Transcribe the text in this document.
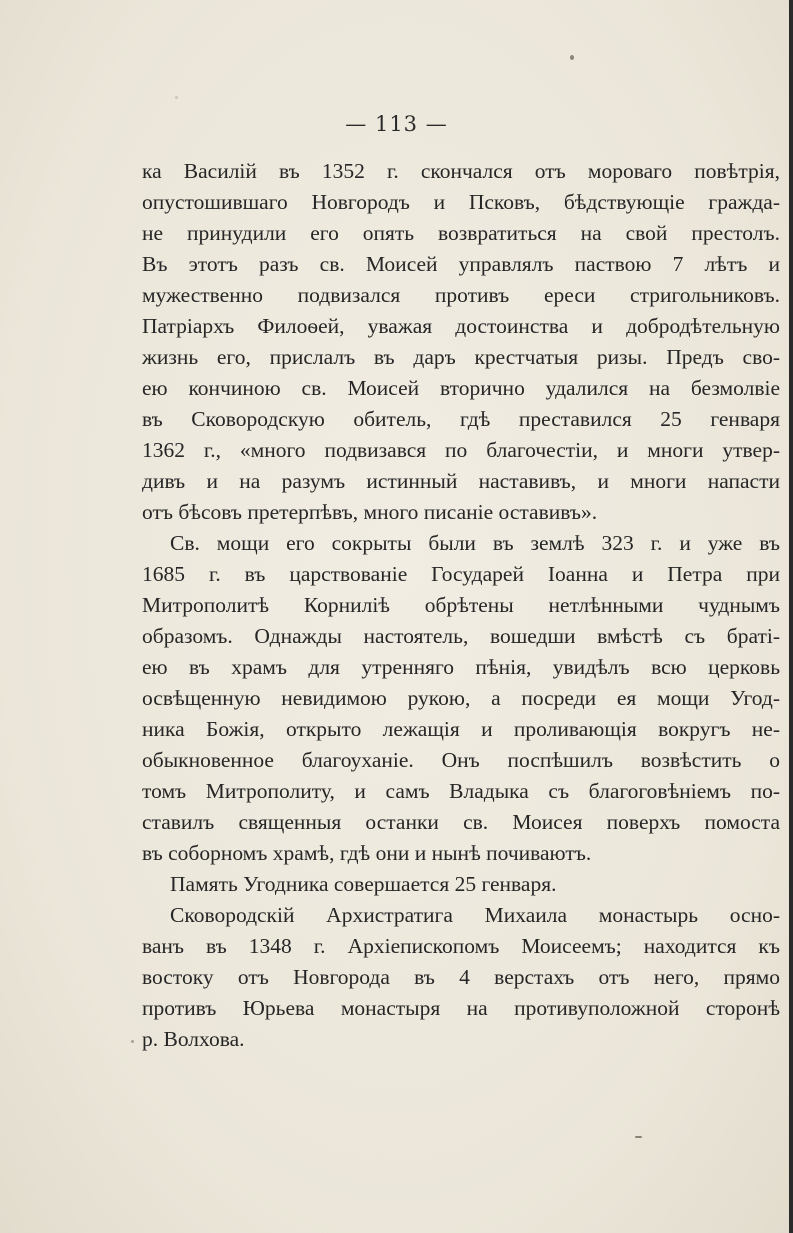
— 113 —
ка Василій въ 1352 г. скончался отъ мороваго повѣтрія,
опустошившаго Новгородъ и Псковъ, бѣдствующіе гражда-
не принудили его опять возвратиться на свой престолъ.
Въ этотъ разъ св. Моисей управлялъ паствою 7 лѣтъ и
мужественно подвизался противъ ереси стригольниковъ.
Патріархъ Филоѳей, уважая достоинства и добродѣтельную
жизнь его, прислалъ въ даръ крестчатыя ризы. Предъ сво-
ею кончиною св. Моисей вторично удалился на безмолвіе
въ Сковородскую обитель, гдѣ преставился 25 генваря
1362 г., «много подвизався по благочестіи, и многи утвер-
дивъ и на разумъ истинный наставивъ, и многи напасти
отъ бѣсовъ претерпѣвъ, много писаніе оставивъ».
Св. мощи его сокрыты были въ землѣ 323 г. и уже въ
1685 г. въ царствованіе Государей Іоанна и Петра при
Митрополитѣ Корниліѣ обрѣтены нетлѣнными чуднымъ
образомъ. Однажды настоятель, вошедши вмѣстѣ съ браті-
ею въ храмъ для утренняго пѣнія, увидѣлъ всю церковь
освѣщенную невидимою рукою, а посреди ея мощи Угод-
ника Божія, открыто лежащія и проливающія вокругъ не-
обыкновенное благоуханіе. Онъ поспѣшилъ возвѣстить о
томъ Митрополиту, и самъ Владыка съ благоговѣніемъ по-
ставилъ священныя останки св. Моисея поверхъ помоста
въ соборномъ храмѣ, гдѣ они и нынѣ почиваютъ.
Память Угодника совершается 25 генваря.
Сковородскій Архистратига Михаила монастырь осно-
ванъ въ 1348 г. Архіепископомъ Моисеемъ; находится къ
востоку отъ Новгорода въ 4 верстахъ отъ него, прямо
противъ Юрьева монастыря на противуположной сторонѣ
р. Волхова.
